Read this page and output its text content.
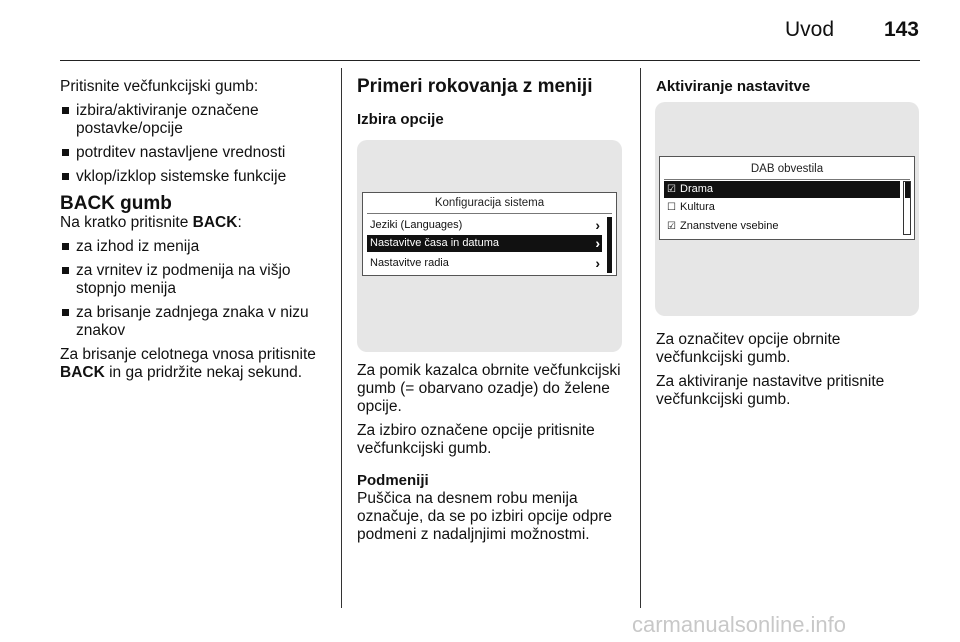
Uvod 143

Pritisnite večfunkcijski gumb:

izbira/aktiviranje označene postavke/opcije
potrditev nastavljene vrednosti
vklop/izklop sistemske funkcije
BACK gumb

Na kratko pritisnite BACK:

za izhod iz menija
za vrnitev iz podmenija na višjo stopnjo menija
za brisanje zadnjega znaka v nizu znakov

Za brisanje celotnega vnosa pritisnite BACK in ga pridržite nekaj sekund.

Primeri rokovanja z meniji
Izbira opcije
Konfiguracija sistema
Jeziki (Languages)	›
Nastavitve časa in datuma	›
Nastavitve radia	›

Za pomik kazalca obrnite večfunkcijski gumb (= obarvano ozadje) do želene opcije.

Za izbiro označene opcije pritisnite večfunkcijski gumb.

Podmeniji

Puščica na desnem robu menija označuje, da se po izbiri opcije odpre podmeni z nadaljnjimi možnostmi.

Aktiviranje nastavitve
DAB obvestila
☑ Drama
☐ Kultura
☑ Znanstvene vsebine

Za označitev opcije obrnite večfunkcijski gumb.

Za aktiviranje nastavitve pritisnite večfunkcijski gumb.

carmanualsonline.info
